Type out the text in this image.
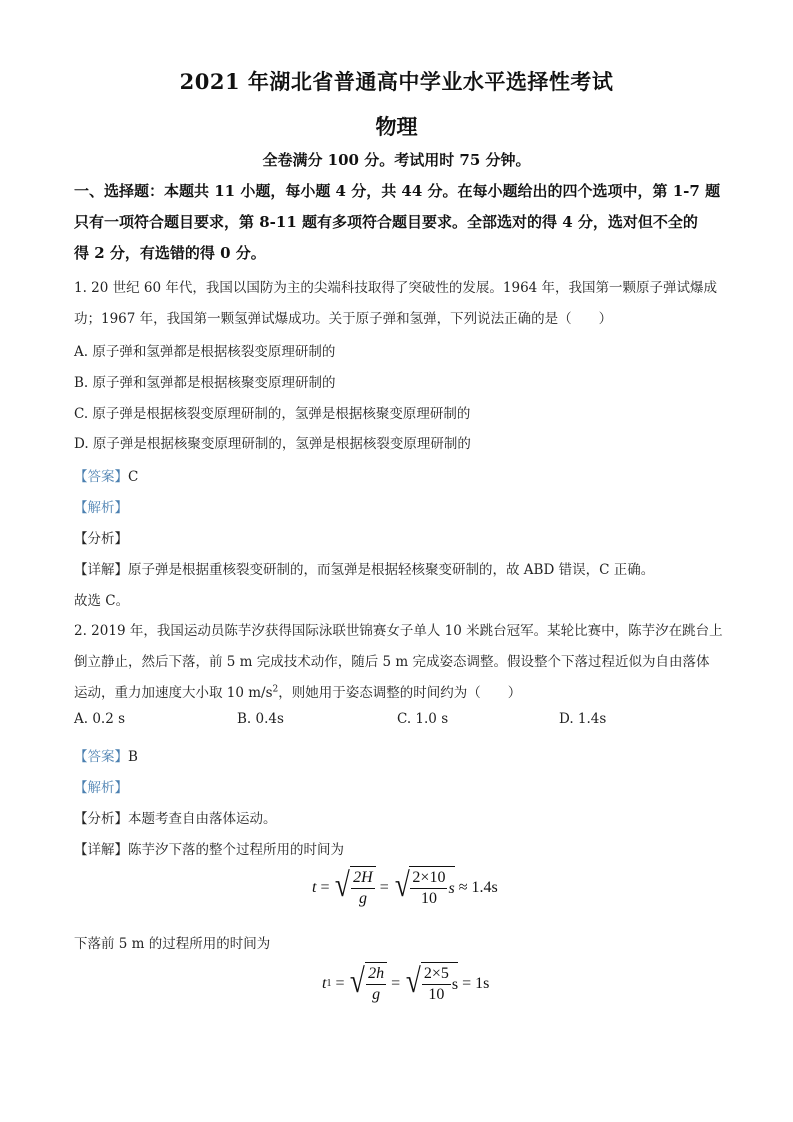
2021 年湖北省普通高中学业水平选择性考试
物理
全卷满分 100 分。考试用时 75 分钟。
一、选择题：本题共 11 小题，每小题 4 分，共 44 分。在每小题给出的四个选项中，第 1-7 题
只有一项符合题目要求，第 8-11 题有多项符合题目要求。全部选对的得 4 分，选对但不全的
得 2 分，有选错的得 0 分。
1. 20 世纪 60 年代，我国以国防为主的尖端科技取得了突破性的发展。1964 年，我国第一颗原子弹试爆成
功；1967 年，我国第一颗氢弹试爆成功。关于原子弹和氢弹，下列说法正确的是（　　）
A. 原子弹和氢弹都是根据核裂变原理研制的
B. 原子弹和氢弹都是根据核聚变原理研制的
C. 原子弹是根据核裂变原理研制的，氢弹是根据核聚变原理研制的
D. 原子弹是根据核聚变原理研制的，氢弹是根据核裂变原理研制的
【答案】C
【解析】
【分析】
【详解】原子弹是根据重核裂变研制的，而氢弹是根据轻核聚变研制的，故 ABD 错误，C 正确。
故选 C。
2. 2019 年，我国运动员陈芋汐获得国际泳联世锦赛女子单人 10 米跳台冠军。某轮比赛中，陈芋汐在跳台上
倒立静止，然后下落，前 5 m 完成技术动作，随后 5 m 完成姿态调整。假设整个下落过程近似为自由落体
运动，重力加速度大小取 10 $m/s^2$，则她用于姿态调整的时间约为（　　）
A. 0.2 s	B. 0.4s	C. 1.0 s	D. 1.4s
【答案】B
【解析】
【分析】本题考查自由落体运动。
【详解】陈芋汐下落的整个过程所用的时间为
t = √ $\frac{2H}{g}$ = √ $\frac{2\times 10}{10}$ s ≈ 1.4s
下落前 5 m 的过程所用的时间为
t 1 = √ $\frac{2h}{g}$ = √ $\frac{2\times 5}{10}$ s = 1s
